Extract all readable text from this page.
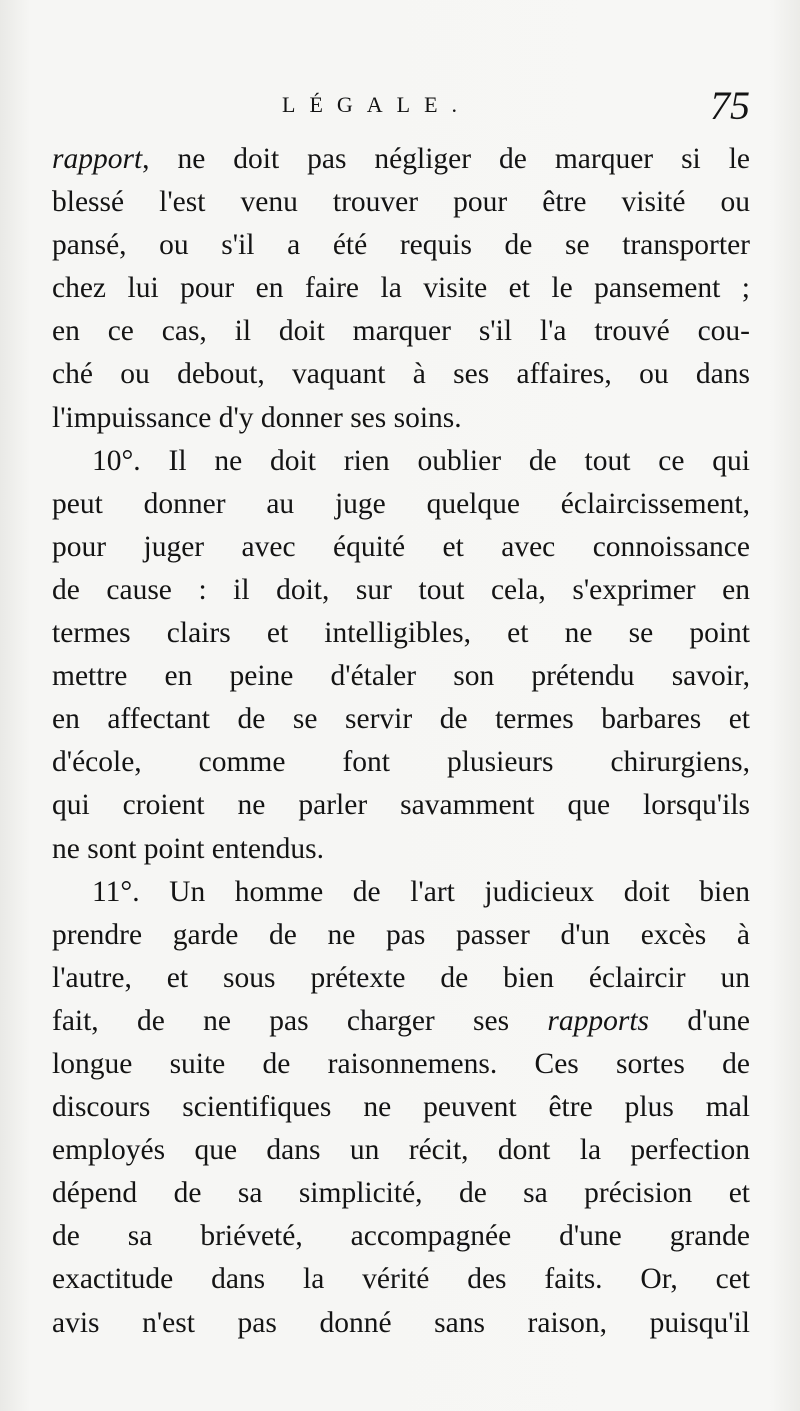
LÉGALE.	75
rapport, ne doit pas négliger de marquer si le
blessé l'est venu trouver pour être visité ou
pansé, ou s'il a été requis de se transporter
chez lui pour en faire la visite et le pansement ;
en ce cas, il doit marquer s'il l'a trouvé cou-
ché ou debout, vaquant à ses affaires, ou dans
l'impuissance d'y donner ses soins.
10°. Il ne doit rien oublier de tout ce qui
peut donner au juge quelque éclaircissement,
pour juger avec équité et avec connoissance
de cause : il doit, sur tout cela, s'exprimer en
termes clairs et intelligibles, et ne se point
mettre en peine d'étaler son prétendu savoir,
en affectant de se servir de termes barbares et
d'école, comme font plusieurs chirurgiens,
qui croient ne parler savamment que lorsqu'ils
ne sont point entendus.
11°. Un homme de l'art judicieux doit bien
prendre garde de ne pas passer d'un excès à
l'autre, et sous prétexte de bien éclaircir un
fait, de ne pas charger ses rapports d'une
longue suite de raisonnemens. Ces sortes de
discours scientifiques ne peuvent être plus mal
employés que dans un récit, dont la perfection
dépend de sa simplicité, de sa précision et
de sa briéveté, accompagnée d'une grande
exactitude dans la vérité des faits. Or, cet
avis n'est pas donné sans raison, puisqu'il
